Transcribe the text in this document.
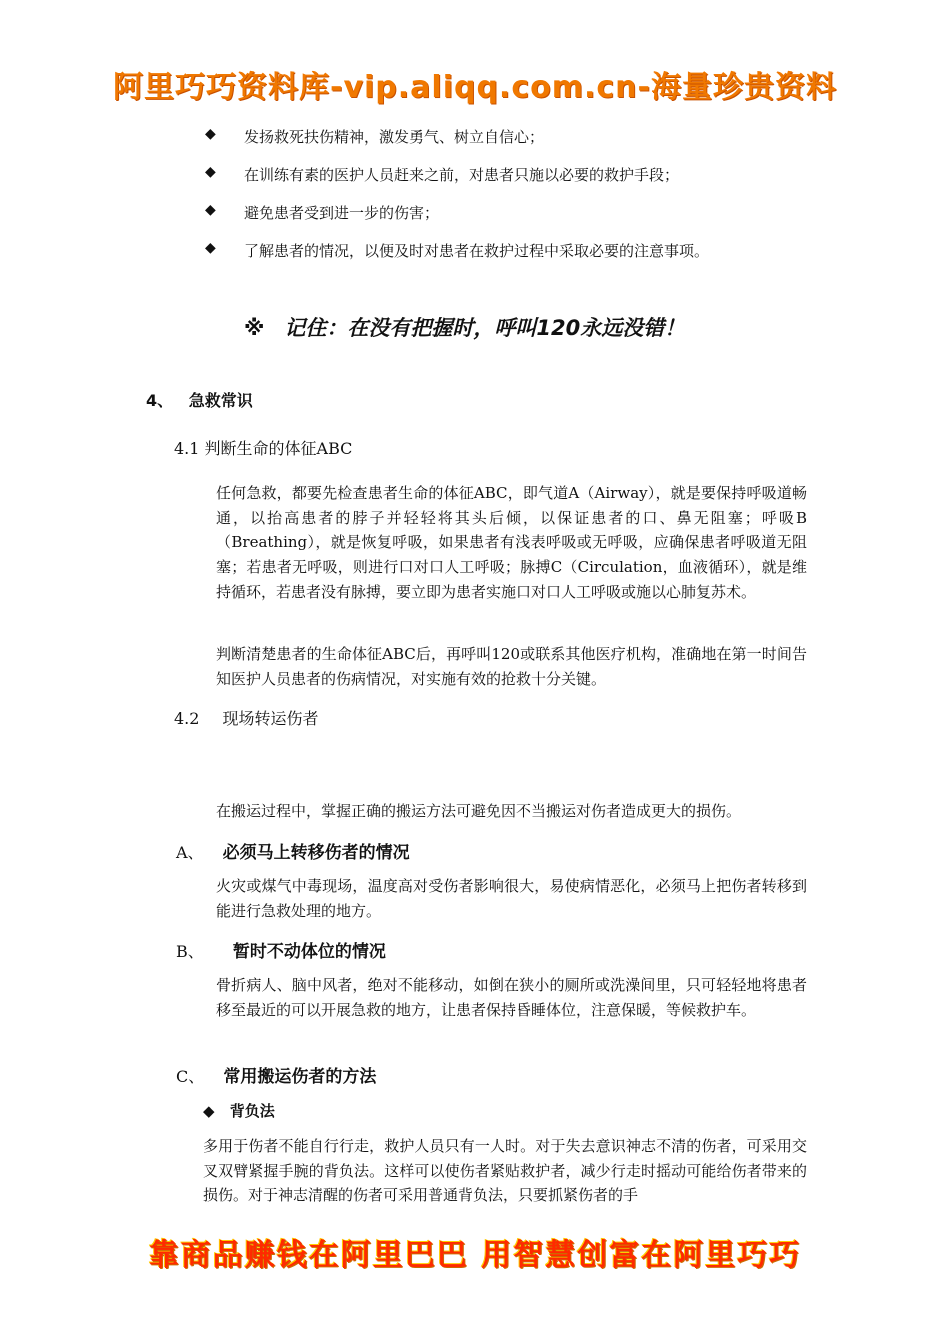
阿里巧巧资料库-vip.aliqq.com.cn-海量珍贵资料
◆ 发扬救死扶伤精神，激发勇气、树立自信心；
◆ 在训练有素的医护人员赶来之前，对患者只施以必要的救护手段；
◆ 避免患者受到进一步的伤害；
◆ 了解患者的情况，以便及时对患者在救护过程中采取必要的注意事项。
※ 记住：在没有把握时，呼叫120永远没错！
4、 急救常识
4.1 判断生命的体征ABC
任何急救，都要先检查患者生命的体征ABC，即气道A（Airway），就是要保持呼吸道畅通，以抬高患者的脖子并轻轻将其头后倾，以保证患者的口、鼻无阻塞；呼吸B（Breathing），就是恢复呼吸，如果患者有浅表呼吸或无呼吸，应确保患者呼吸道无阻塞；若患者无呼吸，则进行口对口人工呼吸；脉搏C（Circulation，血液循环），就是维持循环，若患者没有脉搏，要立即为患者实施口对口人工呼吸或施以心肺复苏术。
判断清楚患者的生命体征ABC后，再呼叫120或联系其他医疗机构，准确地在第一时间告知医护人员患者的伤病情况，对实施有效的抢救十分关键。
4.2 现场转运伤者
在搬运过程中，掌握正确的搬运方法可避免因不当搬运对伤者造成更大的损伤。
A、 必须马上转移伤者的情况
火灾或煤气中毒现场，温度高对受伤者影响很大，易使病情恶化，必须马上把伤者转移到能进行急救处理的地方。
B、 暂时不动体位的情况
骨折病人、脑中风者，绝对不能移动，如倒在狭小的厕所或洗澡间里，只可轻轻地将患者移至最近的可以开展急救的地方，让患者保持昏睡体位，注意保暖，等候救护车。
C、 常用搬运伤者的方法
◆ 背负法
多用于伤者不能自行行走，救护人员只有一人时。对于失去意识神志不清的伤者，可采用交叉双臂紧握手腕的背负法。这样可以使伤者紧贴救护者，减少行走时摇动可能给伤者带来的损伤。对于神志清醒的伤者可采用普通背负法，只要抓紧伤者的手
靠商品赚钱在阿里巴巴 用智慧创富在阿里巧巧
